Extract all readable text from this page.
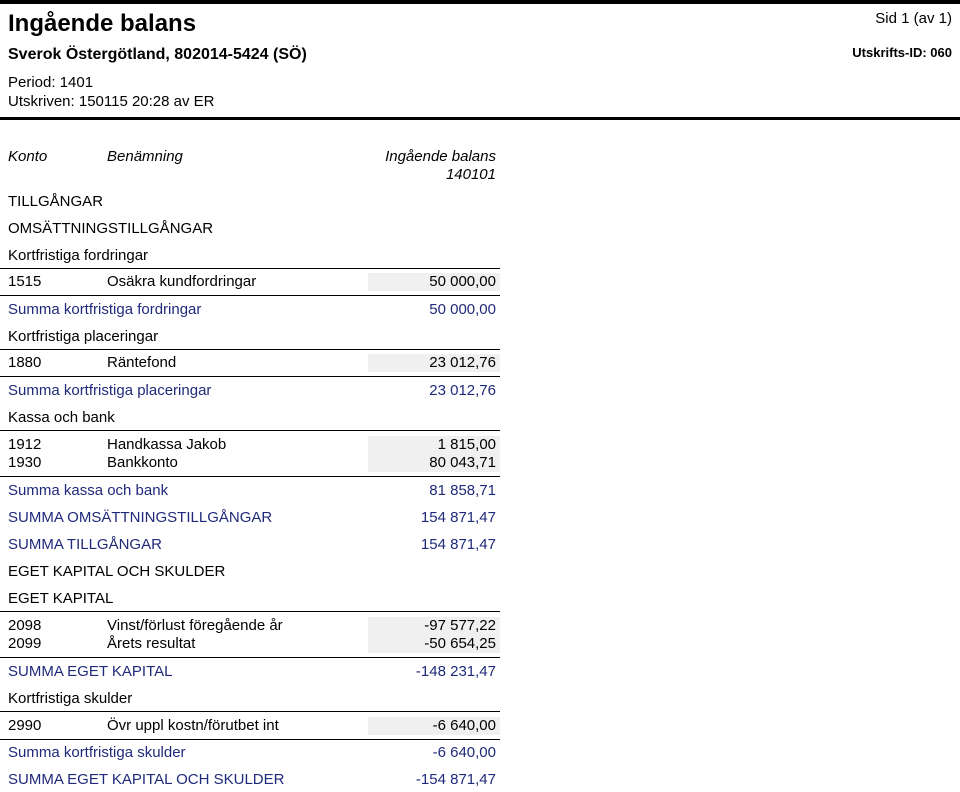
Ingående balans
Sverok Östergötland, 802014-5424 (SÖ)
Sid 1 (av 1)
Utskrifts-ID: 060
Period: 1401
Utskriven: 150115 20:28 av ER
Konto	Benämning	Ingående balans
140101
TILLGÅNGAR
OMSÄTTNINGSTILLGÅNGAR
Kortfristiga fordringar
1515	Osäkra kundfordringar	50 000,00
Summa kortfristiga fordringar	50 000,00
Kortfristiga placeringar
1880	Räntefond	23 012,76
Summa kortfristiga placeringar	23 012,76
Kassa och bank
1912	Handkassa Jakob	1 815,00
1930	Bankkonto	80 043,71
Summa kassa och bank	81 858,71
SUMMA OMSÄTTNINGSTILLGÅNGAR	154 871,47
SUMMA TILLGÅNGAR	154 871,47
EGET KAPITAL OCH SKULDER
EGET KAPITAL
2098	Vinst/förlust föregående år	-97 577,22
2099	Årets resultat	-50 654,25
SUMMA EGET KAPITAL	-148 231,47
Kortfristiga skulder
2990	Övr uppl kostn/förutbet int	-6 640,00
Summa kortfristiga skulder	-6 640,00
SUMMA EGET KAPITAL OCH SKULDER	-154 871,47
